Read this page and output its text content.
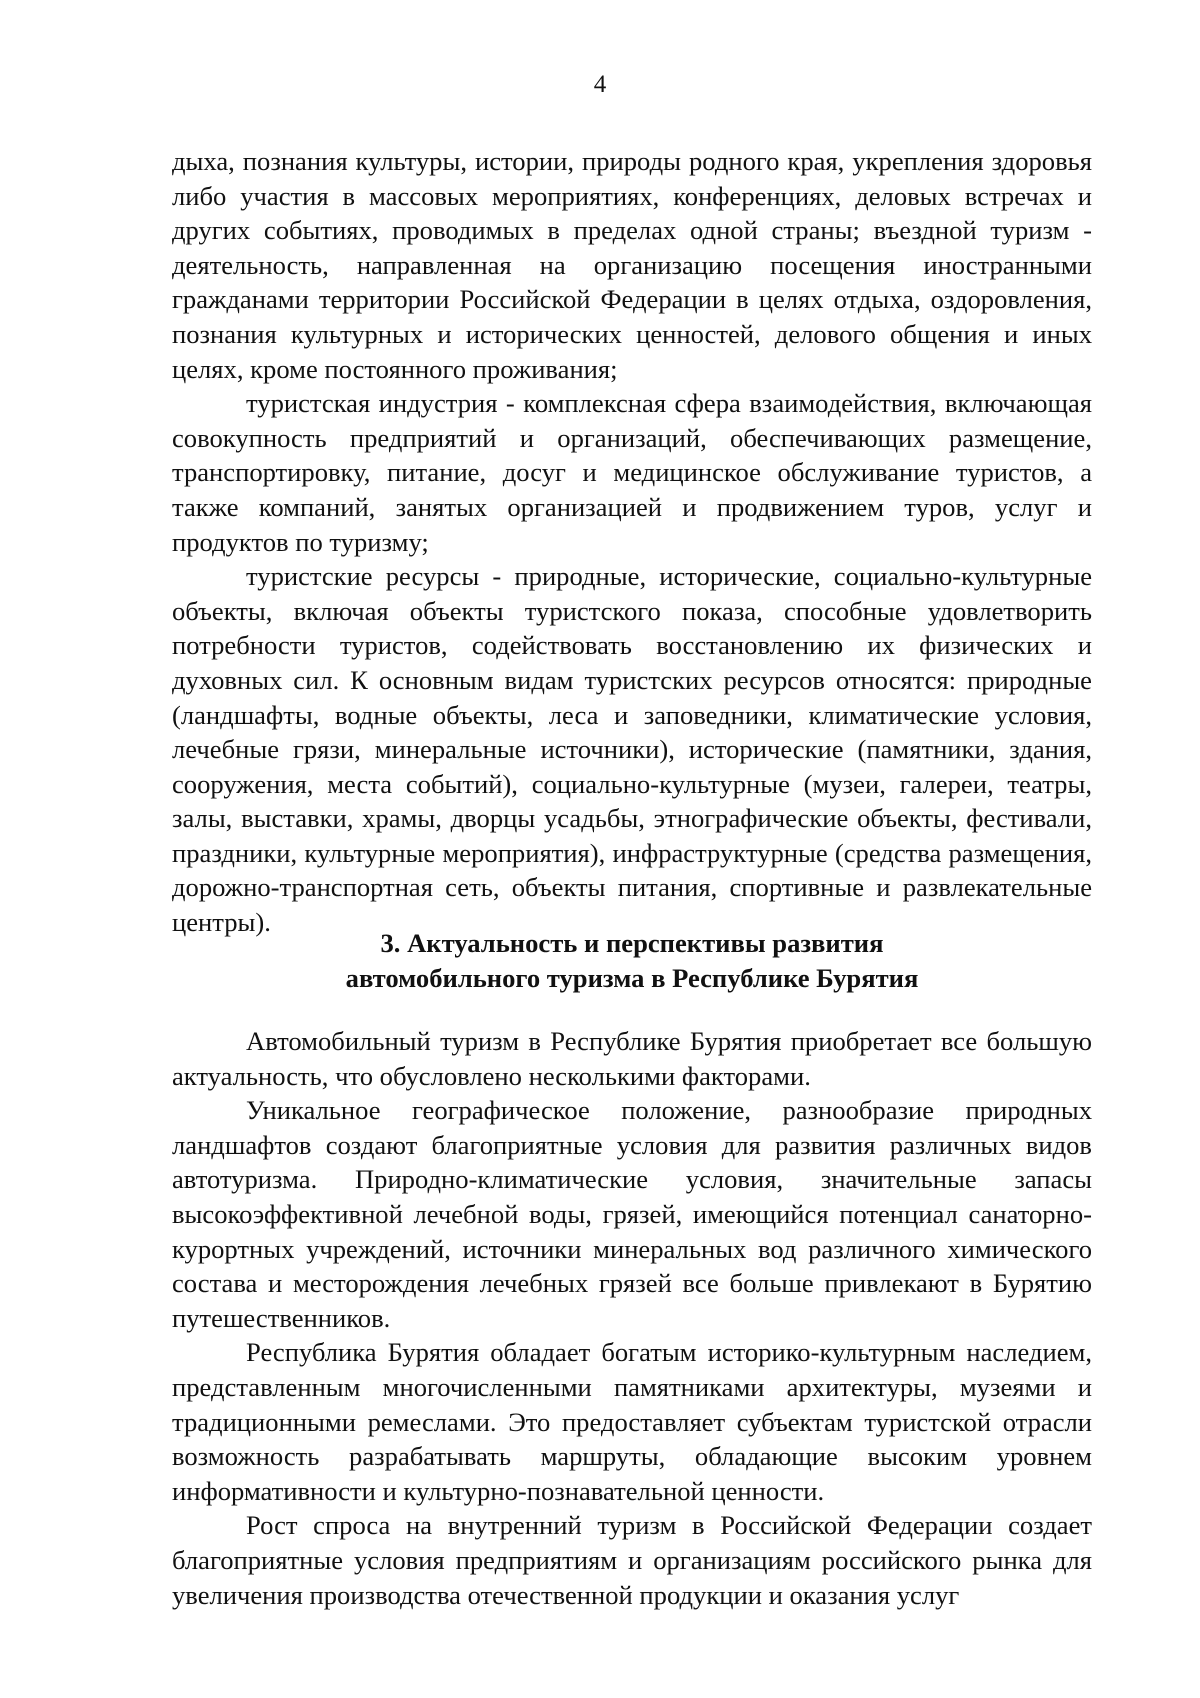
4

дыха, познания культуры, истории, природы родного края, укрепления здоровья либо участия в массовых мероприятиях, конференциях, деловых встречах и других событиях, проводимых в пределах одной страны; въездной туризм - деятельность, направленная на организацию посещения иностранными гражданами территории Российской Федерации в целях отдыха, оздоровления, познания культурных и исторических ценностей, делового общения и иных целях, кроме постоянного проживания;

туристская индустрия - комплексная сфера взаимодействия, включающая совокупность предприятий и организаций, обеспечивающих размещение, транспортировку, питание, досуг и медицинское обслуживание туристов, а также компаний, занятых организацией и продвижением туров, услуг и продуктов по туризму;

туристские ресурсы - природные, исторические, социально-культурные объекты, включая объекты туристского показа, способные удовлетворить потребности туристов, содействовать восстановлению их физических и духовных сил. К основным видам туристских ресурсов относятся: природные (ландшафты, водные объекты, леса и заповедники, климатические условия, лечебные грязи, минеральные источники), исторические (памятники, здания, сооружения, места событий), социально-культурные (музеи, галереи, театры, залы, выставки, храмы, дворцы усадьбы, этнографические объекты, фестивали, праздники, культурные мероприятия), инфраструктурные (средства размещения, дорожно-транспортная сеть, объекты питания, спортивные и развлекательные центры).

3. Актуальность и перспективы развития
автомобильного туризма в Республике Бурятия

Автомобильный туризм в Республике Бурятия приобретает все большую актуальность, что обусловлено несколькими факторами.

Уникальное географическое положение, разнообразие природных ландшафтов создают благоприятные условия для развития различных видов автотуризма. Природно-климатические условия, значительные запасы высокоэффективной лечебной воды, грязей, имеющийся потенциал санаторно-курортных учреждений, источники минеральных вод различного химического состава и месторождения лечебных грязей все больше привлекают в Бурятию путешественников.

Республика Бурятия обладает богатым историко-культурным наследием, представленным многочисленными памятниками архитектуры, музеями и традиционными ремеслами. Это предоставляет субъектам туристской отрасли возможность разрабатывать маршруты, обладающие высоким уровнем информативности и культурно-познавательной ценности.

Рост спроса на внутренний туризм в Российской Федерации создает благоприятные условия предприятиям и организациям российского рынка для увеличения производства отечественной продукции и оказания услуг
